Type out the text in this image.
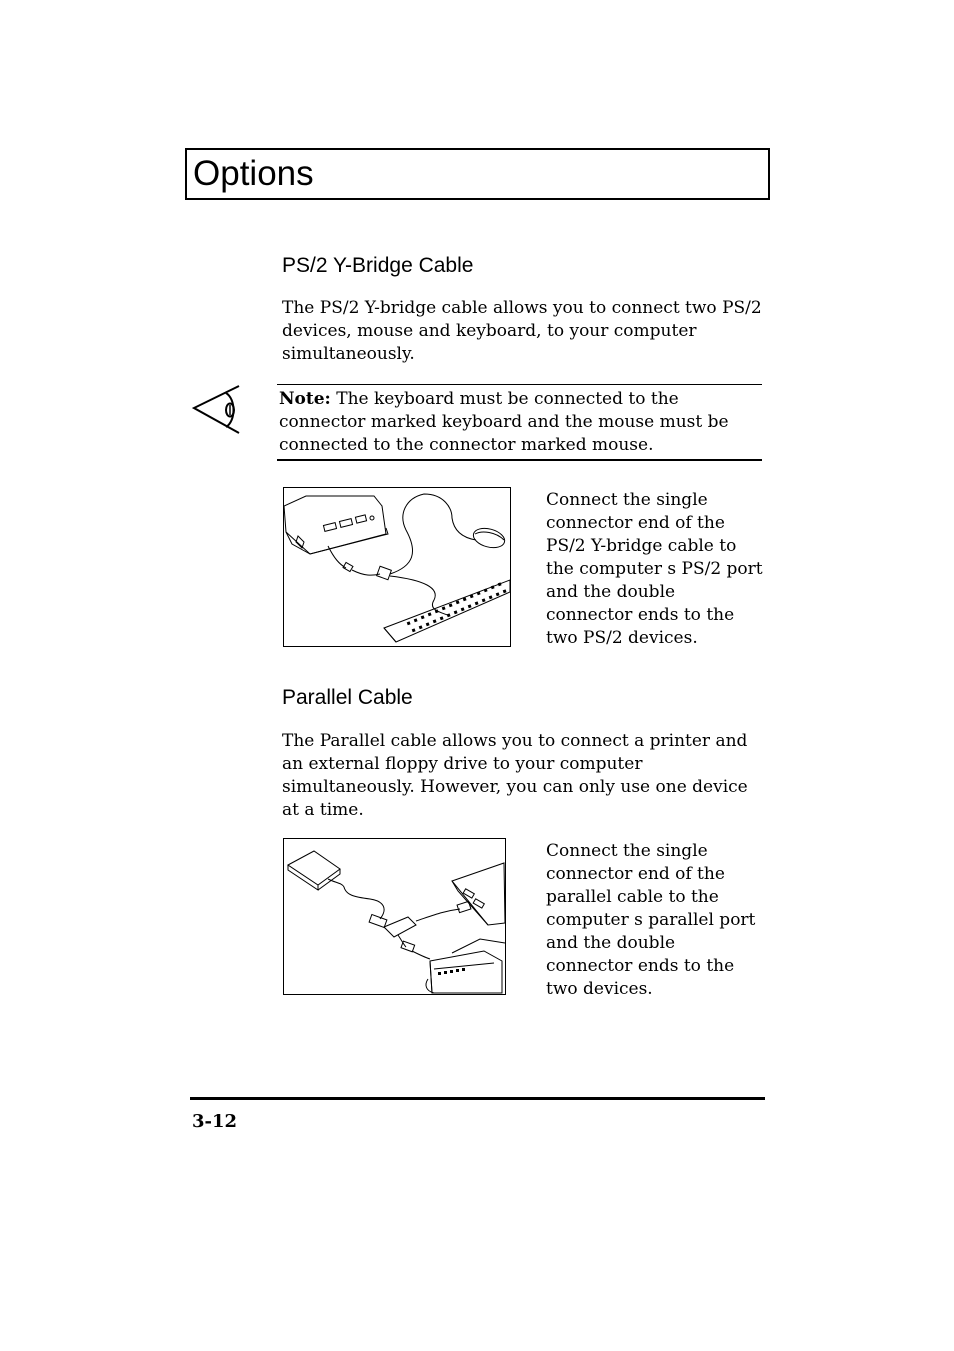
Options
PS/2 Y-Bridge Cable

The PS/2 Y-bridge cable allows you to connect two PS/2 devices, mouse and keyboard, to your computer simultaneously.

Note: The keyboard must be connected to the connector marked keyboard and the mouse must be connected to the connector marked mouse.

Connect the single connector end of the PS/2 Y-bridge cable to the computer s PS/2 port and the double connector ends to the two PS/2 devices.

Parallel Cable

The Parallel cable allows you to connect a printer and an external floppy drive to your computer simultaneously. However, you can only use one device at a time.

Connect the single connector end of the parallel cable to the computer s parallel port and the double connector ends to the two devices.

3-12
